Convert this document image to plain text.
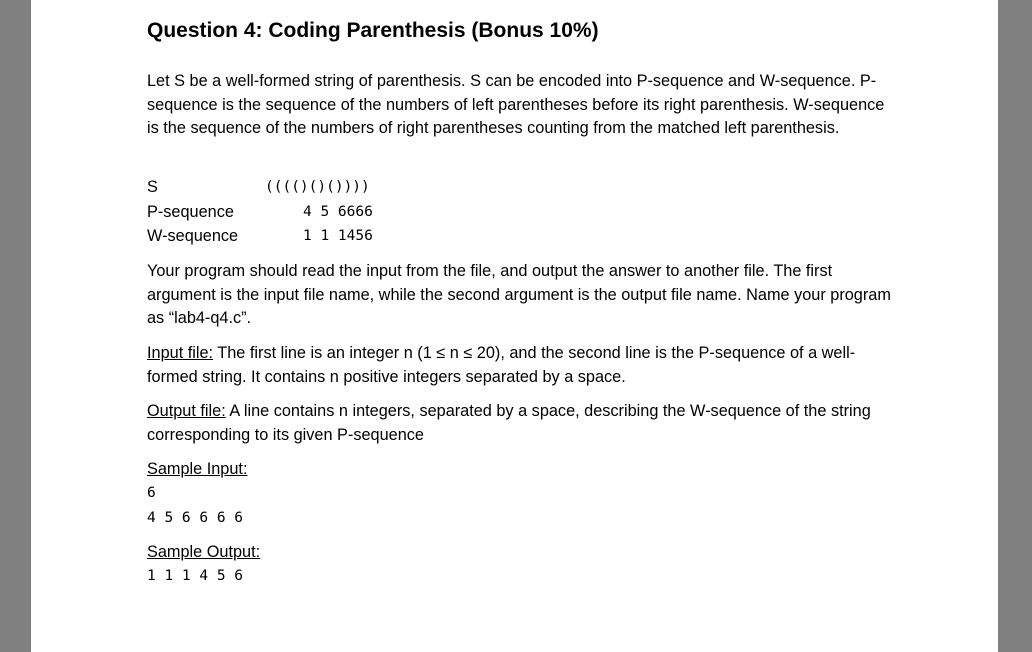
Question 4: Coding Parenthesis (Bonus 10%)

Let S be a well-formed string of parenthesis. S can be encoded into P-sequence and W-sequence. P-sequence is the sequence of the numbers of left parentheses before its right parenthesis. W-sequence is the sequence of the numbers of right parentheses counting from the matched left parenthesis.

S	(((()()())))
P-sequence	4 5 6666
W-sequence	1 1 1456

Your program should read the input from the file, and output the answer to another file. The first argument is the input file name, while the second argument is the output file name. Name your program as “lab4-q4.c”.

Input file: The first line is an integer n (1 ≤ n ≤ 20), and the second line is the P-sequence of a well-formed string. It contains n positive integers separated by a space.

Output file: A line contains n integers, separated by a space, describing the W-sequence of the string corresponding to its given P-sequence

Sample Input:
6
4 5 6 6 6 6
Sample Output:
1 1 1 4 5 6
